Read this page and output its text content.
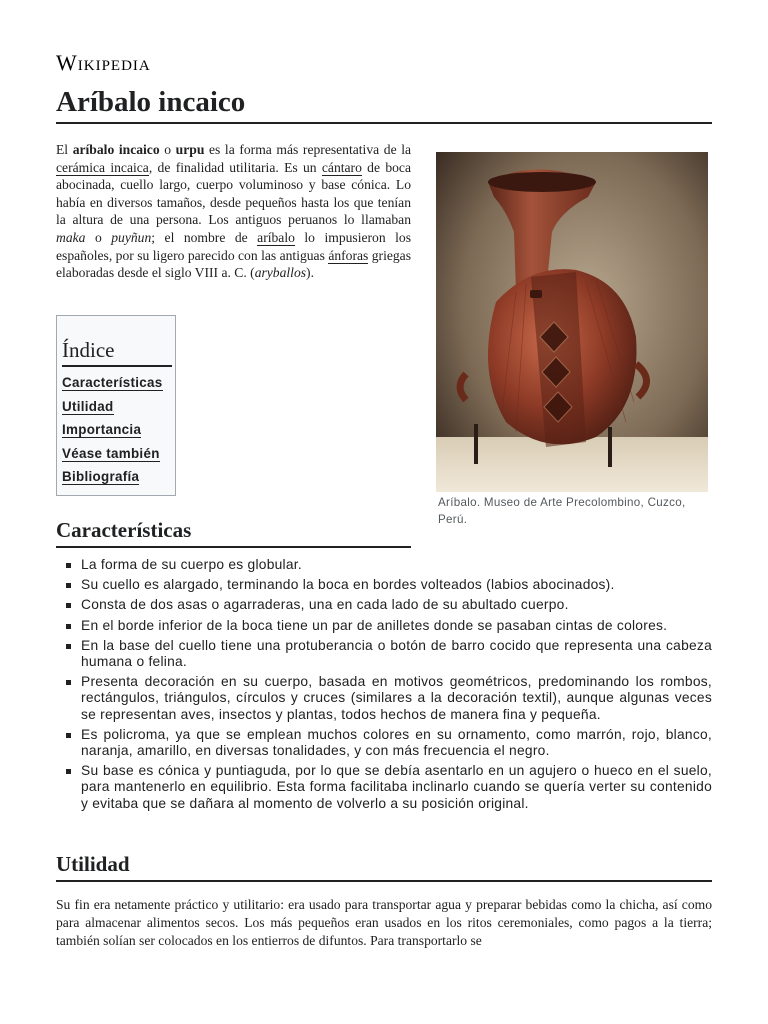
Wikipedia
Aríbalo incaico

El aríbalo incaico o urpu es la forma más representativa de la cerámica incaica, de finalidad utilitaria. Es un cántaro de boca abocinada, cuello largo, cuerpo voluminoso y base cónica. Lo había en diversos tamaños, desde pequeños hasta los que tenían la altura de una persona. Los antiguos peruanos lo llamaban maka o puyñun; el nombre de aríbalo lo impusieron los españoles, por su ligero parecido con las antiguas ánforas griegas elaboradas desde el siglo VIII a. C. (aryballos).

Aríbalo. Museo de Arte Precolombino, Cuzco, Perú.
Índice
Características
Utilidad
Importancia
Véase también
Bibliografía
Características
La forma de su cuerpo es globular.
Su cuello es alargado, terminando la boca en bordes volteados (labios abocinados).
Consta de dos asas o agarraderas, una en cada lado de su abultado cuerpo.
En el borde inferior de la boca tiene un par de anilletes donde se pasaban cintas de colores.
En la base del cuello tiene una protuberancia o botón de barro cocido que representa una cabeza humana o felina.
Presenta decoración en su cuerpo, basada en motivos geométricos, predominando los rombos, rectángulos, triángulos, círculos y cruces (similares a la decoración textil), aunque algunas veces se representan aves, insectos y plantas, todos hechos de manera fina y pequeña.
Es policroma, ya que se emplean muchos colores en su ornamento, como marrón, rojo, blanco, naranja, amarillo, en diversas tonalidades, y con más frecuencia el negro.
Su base es cónica y puntiaguda, por lo que se debía asentarlo en un agujero o hueco en el suelo, para mantenerlo en equilibrio. Esta forma facilitaba inclinarlo cuando se quería verter su contenido y evitaba que se dañara al momento de volverlo a su posición original.
Utilidad

Su fin era netamente práctico y utilitario: era usado para transportar agua y preparar bebidas como la chicha, así como para almacenar alimentos secos. Los más pequeños eran usados en los ritos ceremoniales, como pagos a la tierra; también solían ser colocados en los entierros de difuntos. Para transportarlo se
